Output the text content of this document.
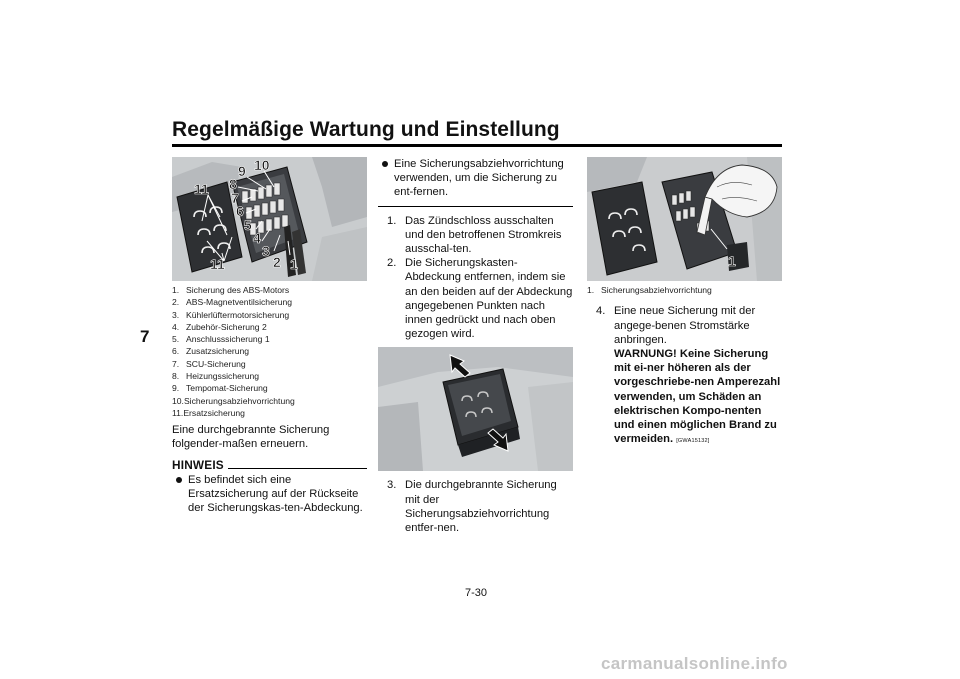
Regelmäßige Wartung und Einstellung
7
10
9
8
7
6
5
4
3
2 1
11
11
1. Sicherung des ABS-Motors
2. ABS-Magnetventilsicherung
3. Kühlerlüftermotorsicherung
4. Zubehör-Sicherung 2
5. Anschlusssicherung 1
6. Zusatzsicherung
7. SCU-Sicherung
8. Heizungssicherung
9. Tempomat-Sicherung
10. Sicherungsabziehvorrichtung
11. Ersatzsicherung

Eine durchgebrannte Sicherung folgender-maßen erneuern.

HINWEIS
Es befindet sich eine Ersatzsicherung auf der Rückseite der Sicherungskas-ten-Abdeckung.
Eine Sicherungsabziehvorrichtung verwenden, um die Sicherung zu ent-fernen.
1. Das Zündschloss ausschalten und den betroffenen Stromkreis ausschal-ten.
2. Die Sicherungskasten-Abdeckung entfernen, indem sie an den beiden auf der Abdeckung angegebenen Punkten nach innen gedrückt und nach oben gezogen wird.
3. Die durchgebrannte Sicherung mit der Sicherungsabziehvorrichtung entfer-nen.
1
1. Sicherungsabziehvorrichtung
4. Eine neue Sicherung mit der angege-benen Stromstärke anbringen.
WARNUNG! Keine Sicherung mit ei-ner höheren als der vorgeschriebe-nen Amperezahl verwenden, um Schäden an elektrischen Kompo-nenten und einen möglichen Brand zu vermeiden. [GWA15132]
7-30
carmanualsonline.info
